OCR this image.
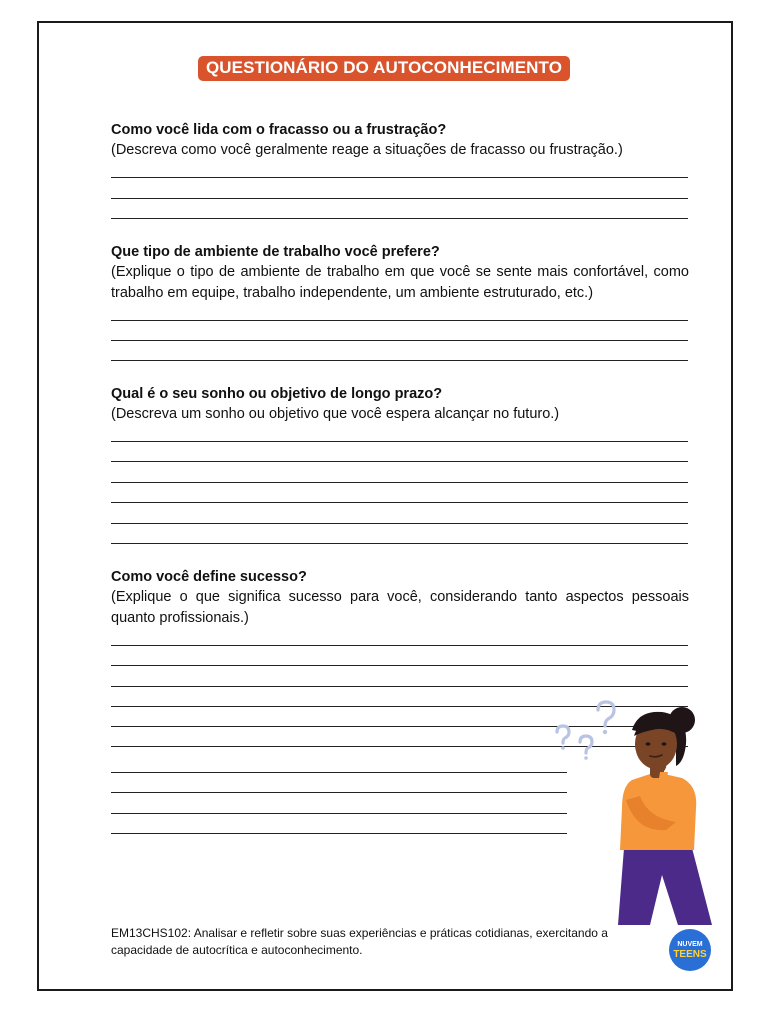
QUESTIONÁRIO DO AUTOCONHECIMENTO

Como você lida com o fracasso ou a frustração?

(Descreva como você geralmente reage a situações de fracasso ou frustração.)

Que tipo de ambiente de trabalho você prefere?

(Explique o tipo de ambiente de trabalho em que você se sente mais confortável, como trabalho em equipe, trabalho independente, um ambiente estruturado, etc.)

Qual é o seu sonho ou objetivo de longo prazo?

(Descreva um sonho ou objetivo que você espera alcançar no futuro.)

Como você define sucesso?

(Explique o que significa sucesso para você, considerando tanto aspectos pessoais quanto profissionais.)

EM13CHS102: Analisar e refletir sobre suas experiências e práticas cotidianas, exercitando a capacidade de autocrítica e autoconhecimento.	NUVEM
TEENS
